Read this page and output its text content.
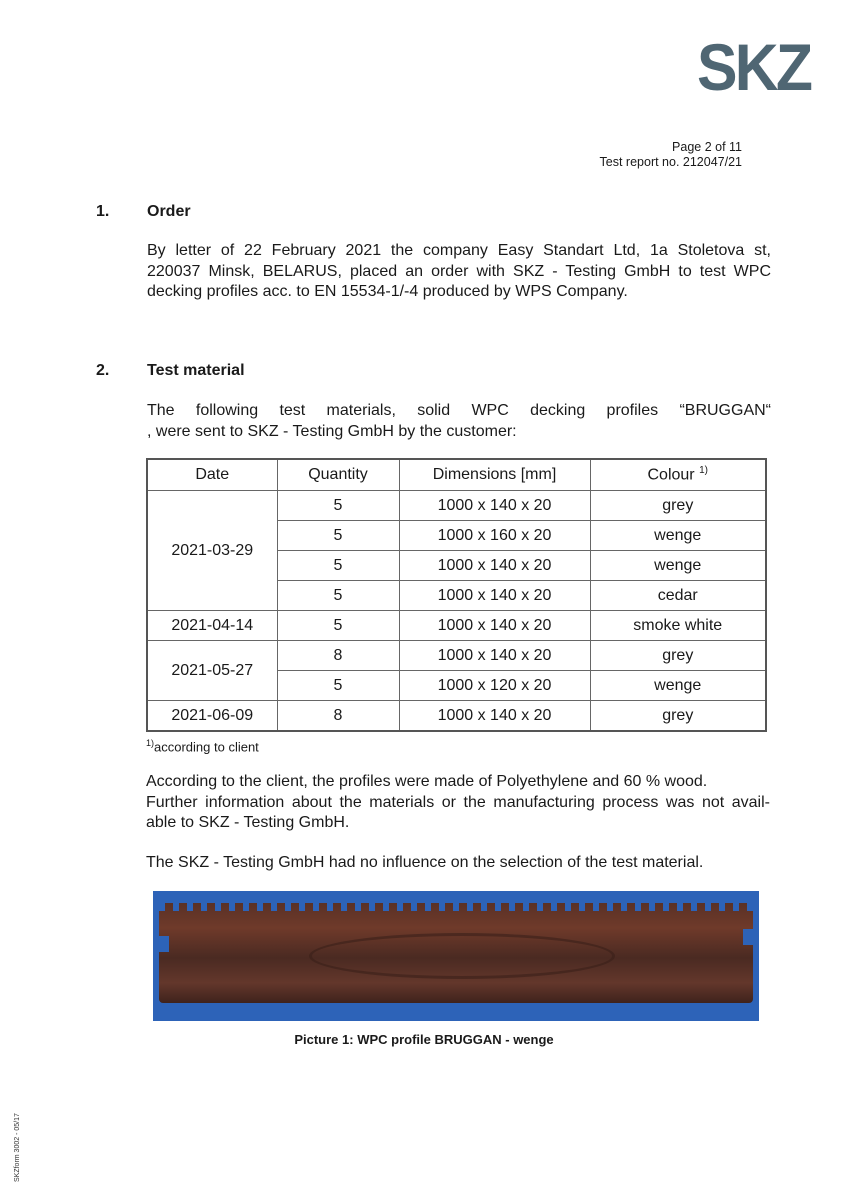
SKZ
Page 2 of 11
Test report no. 212047/21
1. Order
By letter of 22 February 2021 the company Easy Standart Ltd, 1a Stoletova st,
220037 Minsk, BELARUS, placed an order with SKZ - Testing GmbH to test WPC
decking profiles acc. to EN 15534-1/-4 produced by WPS Company.
2. Test material
The following test materials, solid WPC decking profiles “BRUGGAN“
, were sent to SKZ - Testing GmbH by the customer:
Date	Quantity	Dimensions [mm]	Colour $^{1)}$
2021-03-29	5	1000 x 140 x 20	grey
	5	1000 x 160 x 20	wenge
	5	1000 x 140 x 20	wenge
	5	1000 x 140 x 20	cedar
2021-04-14	5	1000 x 140 x 20	smoke white
2021-05-27	8	1000 x 140 x 20	grey
	5	1000 x 120 x 20	wenge
2021-06-09	8	1000 x 140 x 20	grey
$^{1)}$according to client
According to the client, the profiles were made of Polyethylene and 60 % wood.
Further information about the materials or the manufacturing process was not avail-
able to SKZ - Testing GmbH.
The SKZ - Testing GmbH had no influence on the selection of the test material.
Picture 1: WPC profile BRUGGAN - wenge
SKZform 3002 - 05/17
